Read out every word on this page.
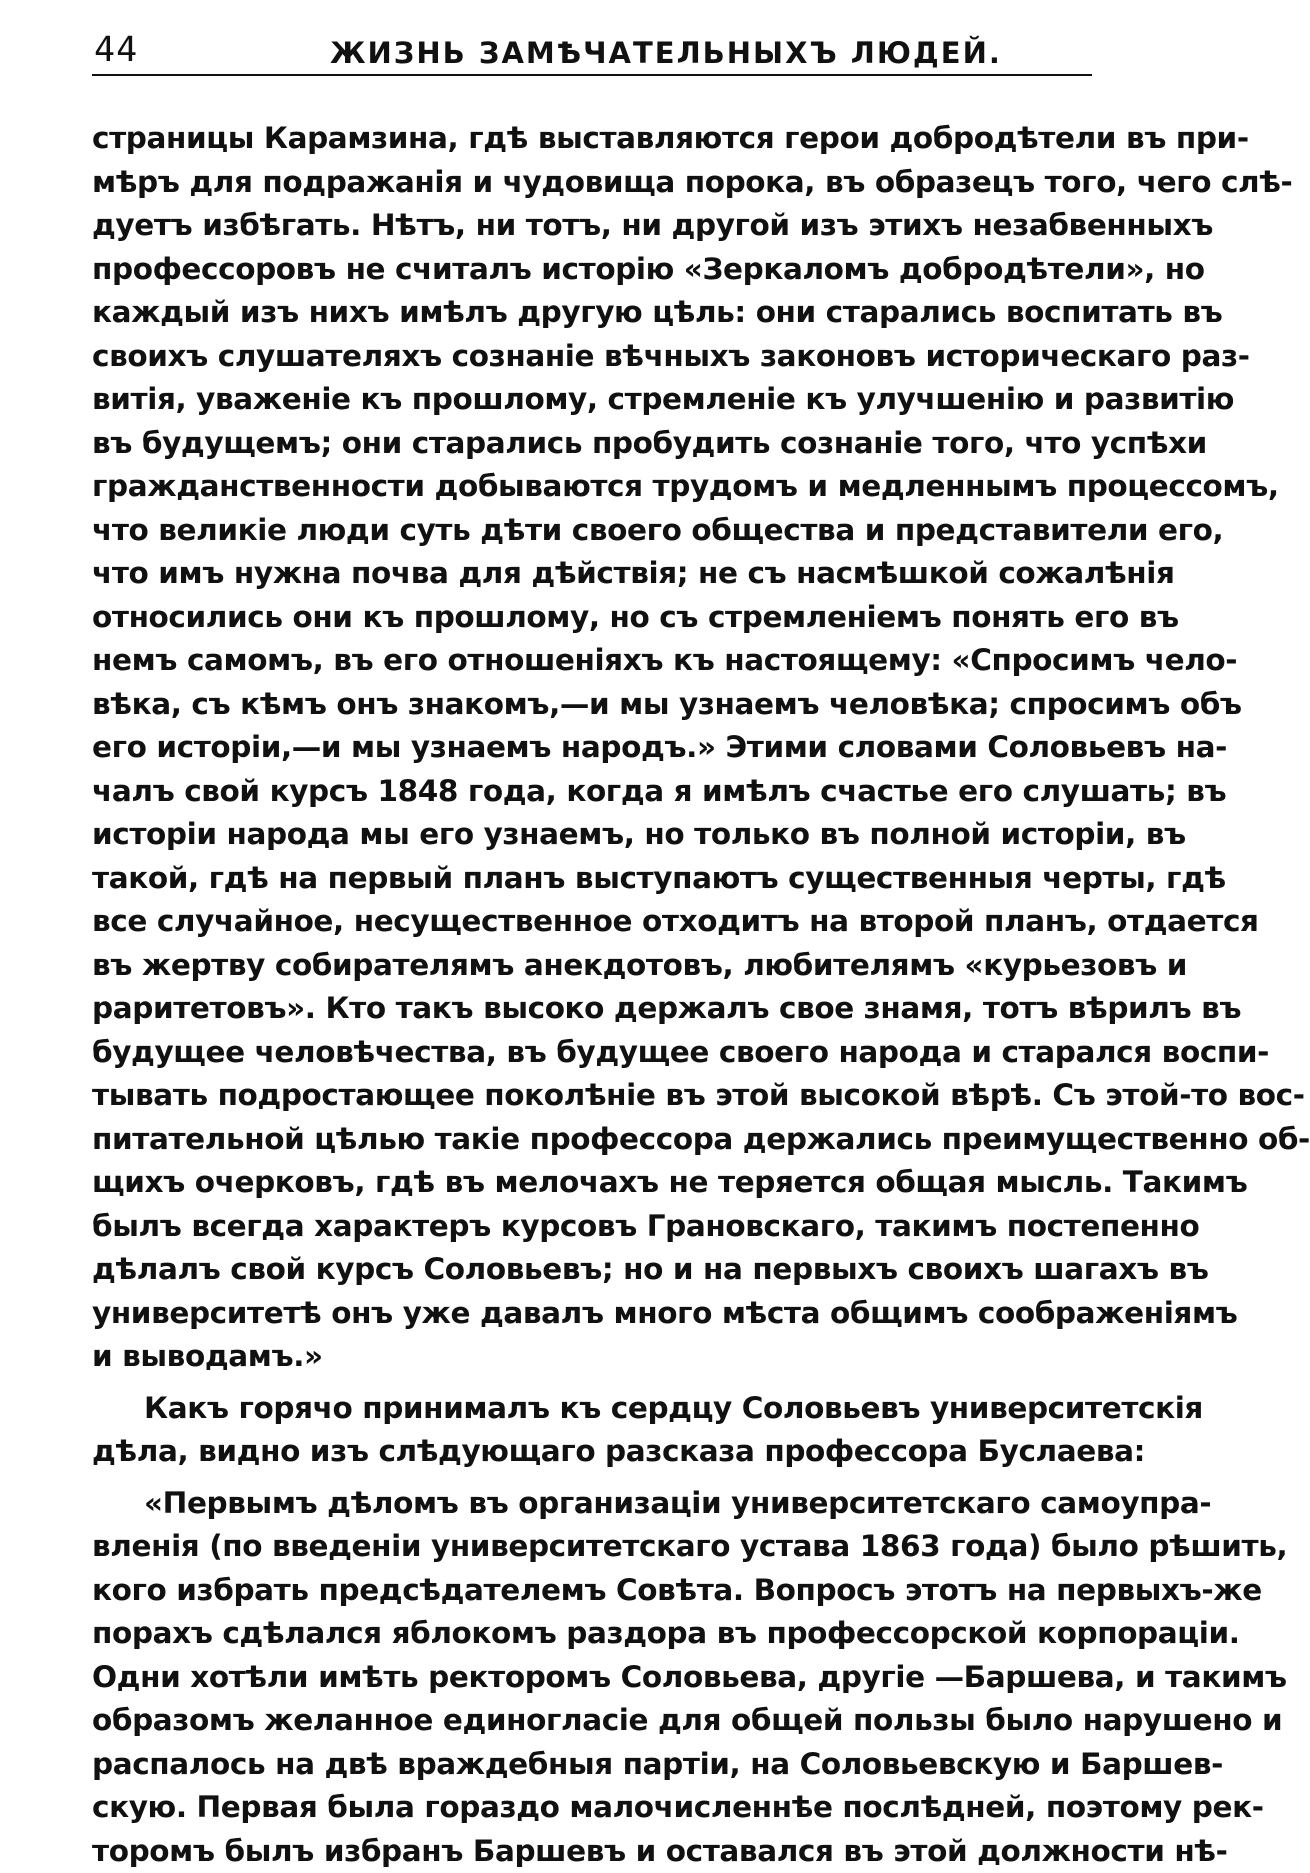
44	ЖИЗНЬ ЗАМѢЧАТЕЛЬНЫХЪ ЛЮДЕЙ.
страницы Карамзина, гдѣ выставляются герои добродѣтели въ при-
мѣръ для подражанія и чудовища порока, въ образецъ того, чего слѣ-
дуетъ избѣгать. Нѣтъ, ни тотъ, ни другой изъ этихъ незабвенныхъ
профессоровъ не считалъ исторію «Зеркаломъ добродѣтели», но
каждый изъ нихъ имѣлъ другую цѣль: они старались воспитать въ
своихъ слушателяхъ сознаніе вѣчныхъ законовъ историческаго раз-
витія, уваженіе къ прошлому, стремленіе къ улучшенію и развитію
въ будущемъ; они старались пробудить сознаніе того, что успѣхи
гражданственности добываются трудомъ и медленнымъ процессомъ,
что великіе люди суть дѣти своего общества и представители его,
что имъ нужна почва для дѣйствія; не съ насмѣшкой сожалѣнія
относились они къ прошлому, но съ стремленіемъ понять его въ
немъ самомъ, въ его отношеніяхъ къ настоящему: «Спросимъ чело-
вѣка, съ кѣмъ онъ знакомъ,—и мы узнаемъ человѣка; спросимъ объ
его исторіи,—и мы узнаемъ народъ.» Этими словами Соловьевъ на-
чалъ свой курсъ 1848 года, когда я имѣлъ счастье его слушать; въ
исторіи народа мы его узнаемъ, но только въ полной исторіи, въ
такой, гдѣ на первый планъ выступаютъ существенныя черты, гдѣ
все случайное, несущественное отходитъ на второй планъ, отдается
въ жертву собирателямъ анекдотовъ, любителямъ «курьезовъ и
раритетовъ». Кто такъ высоко держалъ свое знамя, тотъ вѣрилъ въ
будущее человѣчества, въ будущее своего народа и старался воспи-
тывать подростающее поколѣніе въ этой высокой вѣрѣ. Съ этой-то вос-
питательной цѣлью такіе профессора держались преимущественно об-
щихъ очерковъ, гдѣ въ мелочахъ не теряется общая мысль. Такимъ
былъ всегда характеръ курсовъ Грановскаго, такимъ постепенно
дѣлалъ свой курсъ Соловьевъ; но и на первыхъ своихъ шагахъ въ
университетѣ онъ уже давалъ много мѣста общимъ соображеніямъ
и выводамъ.»
Какъ горячо принималъ къ сердцу Соловьевъ университетскія
дѣла, видно изъ слѣдующаго разсказа профессора Буслаева:
«Первымъ дѣломъ въ организаціи университетскаго самоупра-
вленія (по введеніи университетскаго устава 1863 года) было рѣшить,
кого избрать предсѣдателемъ Совѣта. Вопросъ этотъ на первыхъ-же
порахъ сдѣлался яблокомъ раздора въ профессорской корпораціи.
Одни хотѣли имѣть ректоромъ Соловьева, другіе —Баршева, и такимъ
образомъ желанное единогласіе для общей пользы было нарушено и
распалось на двѣ враждебныя партіи, на Соловьевскую и Баршев-
скую. Первая была гораздо малочисленнѣе послѣдней, поэтому рек-
торомъ былъ избранъ Баршевъ и оставался въ этой должности нѣ-
